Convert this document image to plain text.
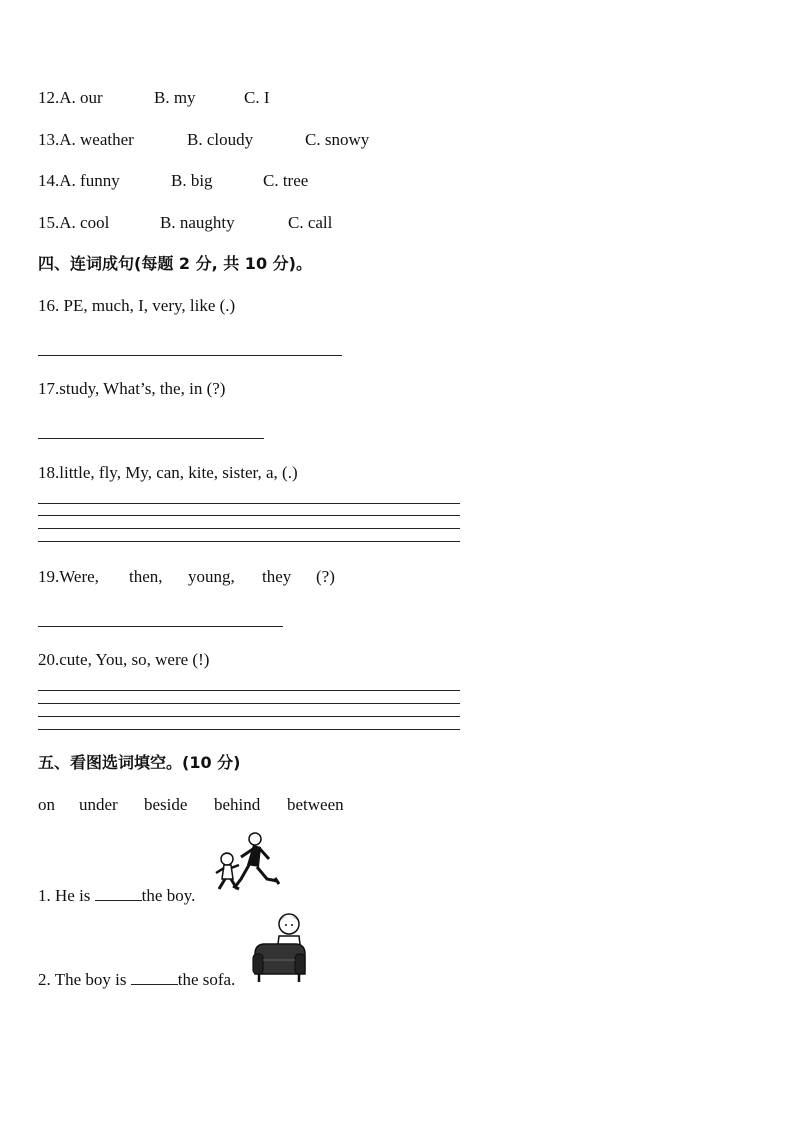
12.A. our	B. my	C. I
13.A. weather	B. cloudy	C. snowy
14.A. funny	B. big	C. tree
15.A. cool	B. naughty	C. call
四、连词成句(每题 2 分, 共 10 分)。
16. PE, much, I, very, like (.)
17.study, What’s, the, in (?)
18.little, fly, My, can, kite, sister, a, (.)
19.Were, then, young, they (?)
20.cute, You, so, were (!)
五、看图选词填空。(10 分)
on under beside behind between
1. He is	the boy.
2. The boy is	the sofa.
